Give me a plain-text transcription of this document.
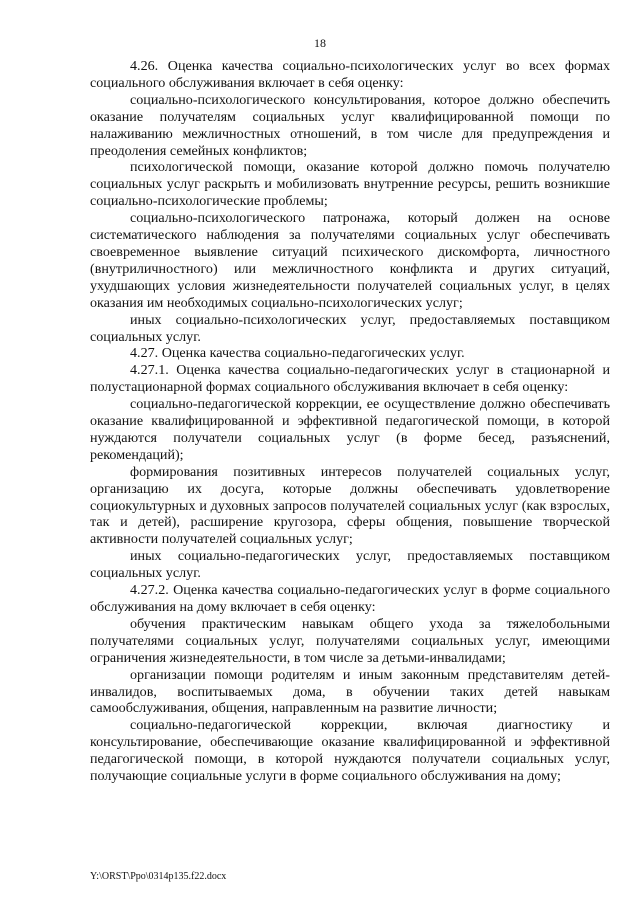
18

4.26. Оценка качества социально-психологических услуг во всех формах социального обслуживания включает в себя оценку:

социально-психологического консультирования, которое должно обеспечить оказание получателям социальных услуг квалифицированной помощи по налаживанию межличностных отношений, в том числе для предупреждения и преодоления семейных конфликтов;

психологической помощи, оказание которой должно помочь получателю социальных услуг раскрыть и мобилизовать внутренние ресурсы, решить возникшие социально-психологические проблемы;

социально-психологического патронажа, который должен на основе систематического наблюдения за получателями социальных услуг обеспечивать своевременное выявление ситуаций психического дискомфорта, личностного (внутриличностного) или межличностного конфликта и других ситуаций, ухудшающих условия жизнедеятельности получателей социальных услуг, в целях оказания им необходимых социально-психологических услуг;

иных социально-психологических услуг, предоставляемых поставщиком социальных услуг.

4.27. Оценка качества социально-педагогических услуг.

4.27.1. Оценка качества социально-педагогических услуг в стационарной и полустационарной формах социального обслуживания включает в себя оценку:

социально-педагогической коррекции, ее осуществление должно обеспечивать оказание квалифицированной и эффективной педагогической помощи, в которой нуждаются получатели социальных услуг (в форме бесед, разъяснений, рекомендаций);

формирования позитивных интересов получателей социальных услуг, организацию их досуга, которые должны обеспечивать удовлетворение социокультурных и духовных запросов получателей социальных услуг (как взрослых, так и детей), расширение кругозора, сферы общения, повышение творческой активности получателей социальных услуг;

иных социально-педагогических услуг, предоставляемых поставщиком социальных услуг.

4.27.2. Оценка качества социально-педагогических услуг в форме социального обслуживания на дому включает в себя оценку:

обучения практическим навыкам общего ухода за тяжелобольными получателями социальных услуг, получателями социальных услуг, имеющими ограничения жизнедеятельности, в том числе за детьми-инвалидами;

организации помощи родителям и иным законным представителям детей-инвалидов, воспитываемых дома, в обучении таких детей навыкам самообслуживания, общения, направленным на развитие личности;

социально-педагогической коррекции, включая диагностику и консультирование, обеспечивающие оказание квалифицированной и эффективной педагогической помощи, в которой нуждаются получатели социальных услуг, получающие социальные услуги в форме социального обслуживания на дому;

Y:\ORST\Ppo\0314p135.f22.docx
